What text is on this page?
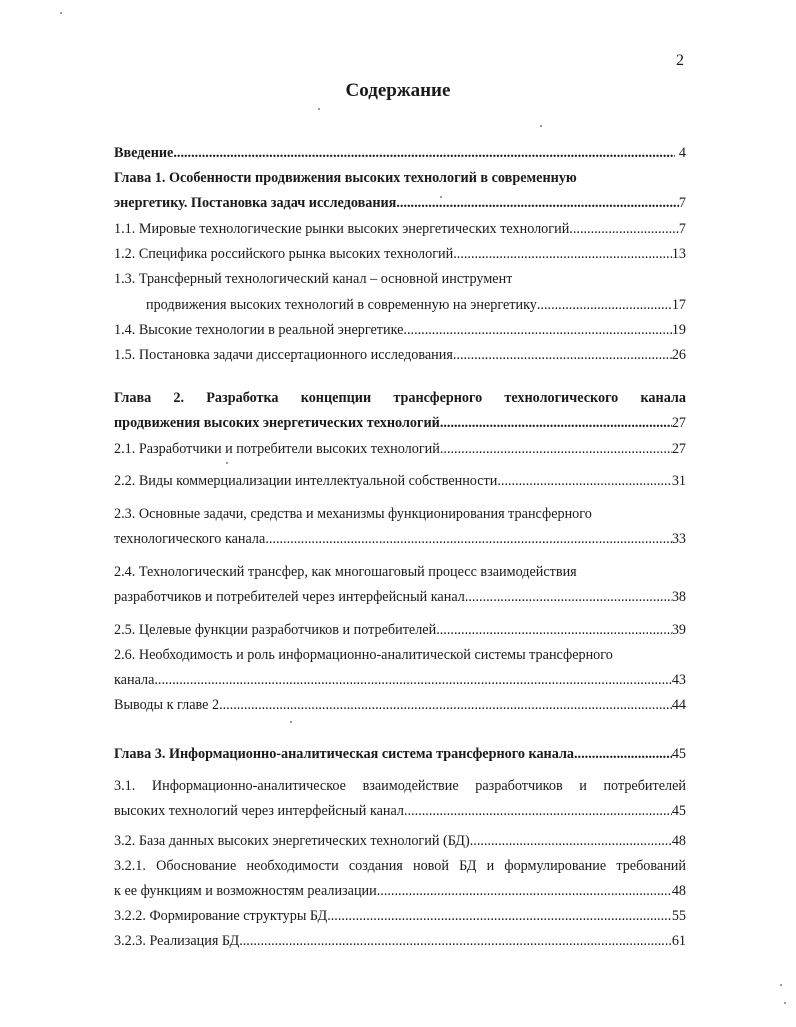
2
Содержание
Введение .....	4
Глава 1. Особенности продвижения высоких технологий в современную
энергетику. Постановка задач исследования .....	7
1.1. Мировые технологические рынки высоких энергетических технологий .....	7
1.2. Специфика российского рынка высоких технологий .....	13
1.3. Трансферный технологический канал – основной инструмент
продвижения высоких технологий в современную на энергетику .....	17
1.4. Высокие технологии в реальной энергетике .....	19
1.5. Постановка задачи диссертационного исследования .....	26
Глава 2. Разработка концепции трансферного технологического канала
продвижения высоких энергетических технологий .....	27
2.1. Разработчики и потребители высоких технологий .....	27
2.2. Виды коммерциализации интеллектуальной собственности .....	31
2.3. Основные задачи, средства и механизмы функционирования трансферного
технологического канала .....	33
2.4. Технологический трансфер, как многошаговый процесс взаимодействия
разработчиков и потребителей через интерфейсный канал .....	38
2.5. Целевые функции разработчиков и потребителей .....	39
2.6. Необходимость и роль информационно-аналитической системы трансферного
канала .....	43
Выводы к главе 2 .....	44
Глава 3. Информационно-аналитическая система трансферного канала .....	45
3.1. Информационно-аналитическое взаимодействие разработчиков и потребителей
высоких технологий через интерфейсный канал .....	45
3.2. База данных высоких энергетических технологий (БД) .....	48
3.2.1. Обоснование необходимости создания новой БД и формулирование требований
к ее функциям и возможностям реализации .....	48
3.2.2. Формирование структуры БД .....	55
3.2.3. Реализация БД .....	61
